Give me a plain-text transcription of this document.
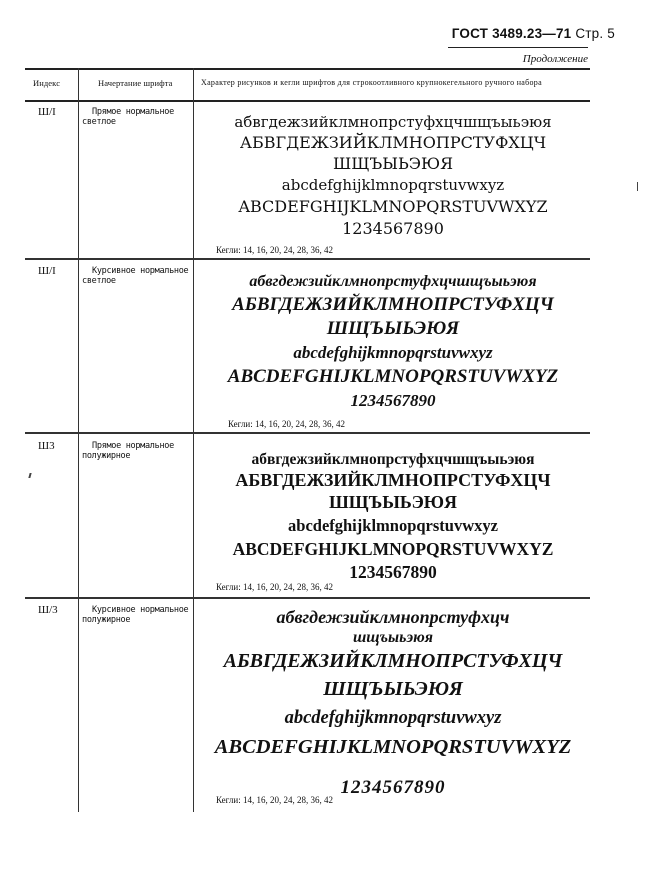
ГОСТ 3489.23—71 Стр. 5
Продолжение
Индекс	Начертание шрифта	Характер рисунков и кегли шрифтов для строкоотливного крупнокегельного ручного набора
Ш/I	Прямое нормальное светлое	абвгдежзийклмнопрстуфхцчшщъыьэюя
АБВГДЕЖЗИЙКЛМНОПРСТУФХЦЧ
ШЩЪЫЬЭЮЯ
abcdefghijklmnopqrstuvwxyz
ABCDEFGHIJKLMNOPQRSTUVWXYZ
1234567890
Кегли: 14, 16, 20, 24, 28, 36, 42
Ш/I	Курсивное нормальное светлое	абвгдежзийклмнопрстуфхцчшщъыьэюя
АБВГДЕЖЗИЙКЛМНОПРСТУФХЦЧ
ШЩЪЫЬЭЮЯ
abcdefghijkmnopqrstuvwxyz
ABCDEFGHIJKLMNOPQRSTUVWXYZ
1234567890
Кегли: 14, 16, 20, 24, 28, 36, 42
Ш3	Прямое нормальное полужирное	абвгдежзийклмнопрстуфхцчшщъыьэюя
АБВГДЕЖЗИЙКЛМНОПРСТУФХЦЧ
ШЩЪЫЬЭЮЯ
abcdefghijklmnopqrstuvwxyz
ABCDEFGHIJKLMNOPQRSTUVWXYZ
1234567890
Кегли: 14, 16, 20, 24, 28, 36, 42
Ш/3	Курсивное нормальное полужирное	абвгдежзийклмнопрстуфхцч
шщъыьэюя
АБВГДЕЖЗИЙКЛМНОПРСТУФХЦЧ
ШЩЪЫЬЭЮЯ
abcdefghijkmnopqrstuvwxyz
ABCDEFGHIJKLMNOPQRSTUVWXYZ
1234567890
Кегли: 14, 16, 20, 24, 28, 36, 42
